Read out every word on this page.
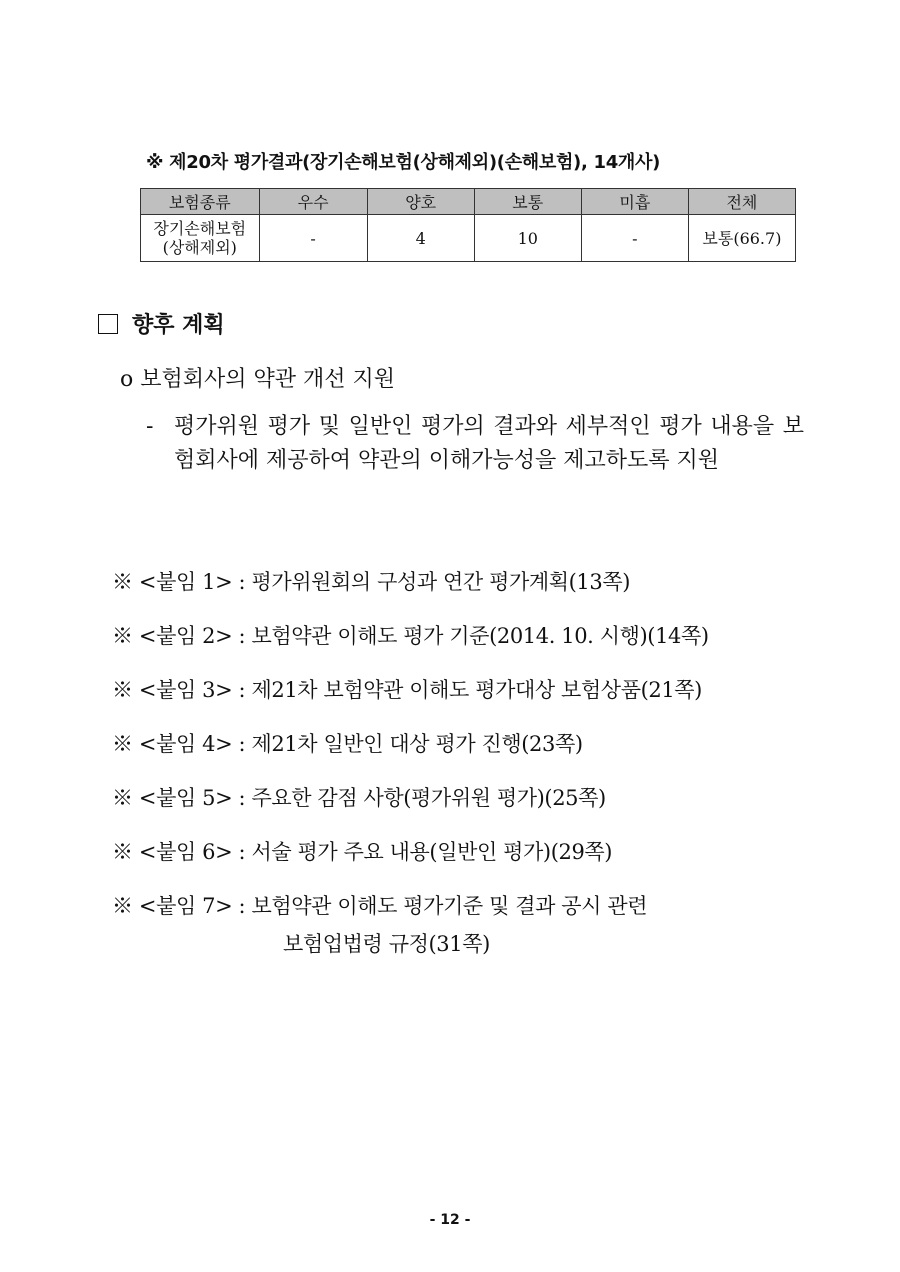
※ 제20차 평가결과(장기손해보험(상해제외)(손해보험), 14개사)
보험종류	우수	양호	보통	미흡	전체
장기손해보험
(상해제외)	-	4	10	-	보통(66.7)
향후 계획
o 보험회사의 약관 개선 지원
- 평가위원 평가 및 일반인 평가의 결과와 세부적인 평가 내용을 보험회사에 제공하여 약관의 이해가능성을 제고하도록 지원
※ <붙임 1> : 평가위원회의 구성과 연간 평가계획(13쪽)
※ <붙임 2> : 보험약관 이해도 평가 기준(2014. 10. 시행)(14쪽)
※ <붙임 3> : 제21차 보험약관 이해도 평가대상 보험상품(21쪽)
※ <붙임 4> : 제21차 일반인 대상 평가 진행(23쪽)
※ <붙임 5> : 주요한 감점 사항(평가위원 평가)(25쪽)
※ <붙임 6> : 서술 평가 주요 내용(일반인 평가)(29쪽)
※ <붙임 7> : 보험약관 이해도 평가기준 및 결과 공시 관련
보험업법령 규정(31쪽)
- 12 -
